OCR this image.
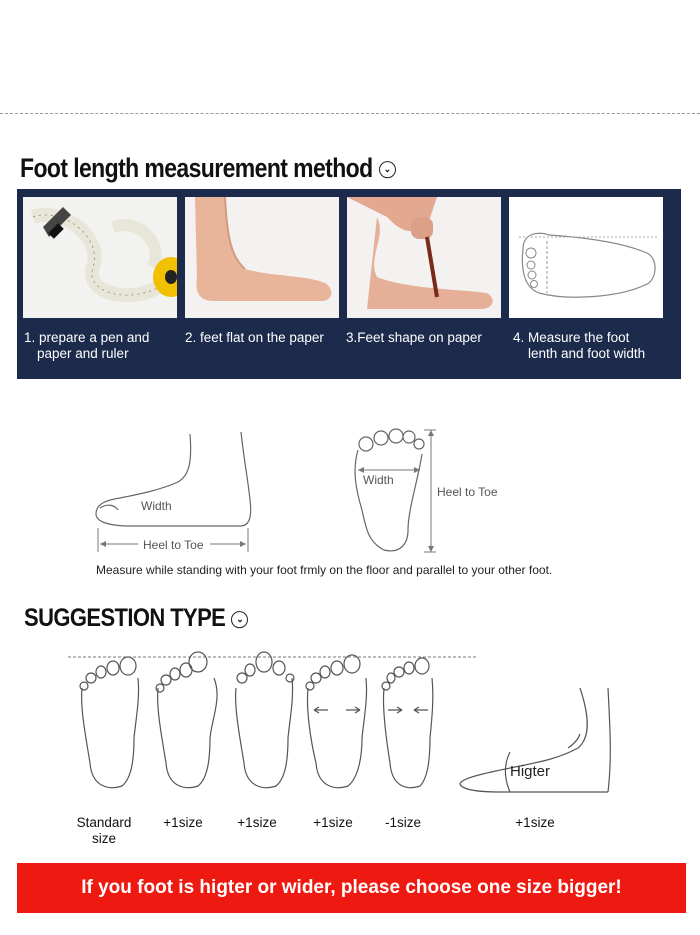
Foot length measurement method ⌄
1. prepare a pen and
paper and ruler
2. feet flat on the paper 3.Feet shape on paper 4. Measure the foot
lenth and foot width
Width
Heel to Toe
Width
Heel to Toe
Measure while standing with your foot frmly on the floor and parallel to your other foot.
SUGGESTION TYPE ⌄
Higter
Standard
size
+1size	+1size	+1size	-1size	+1size
If you foot is higter or wider, please choose one size bigger!
